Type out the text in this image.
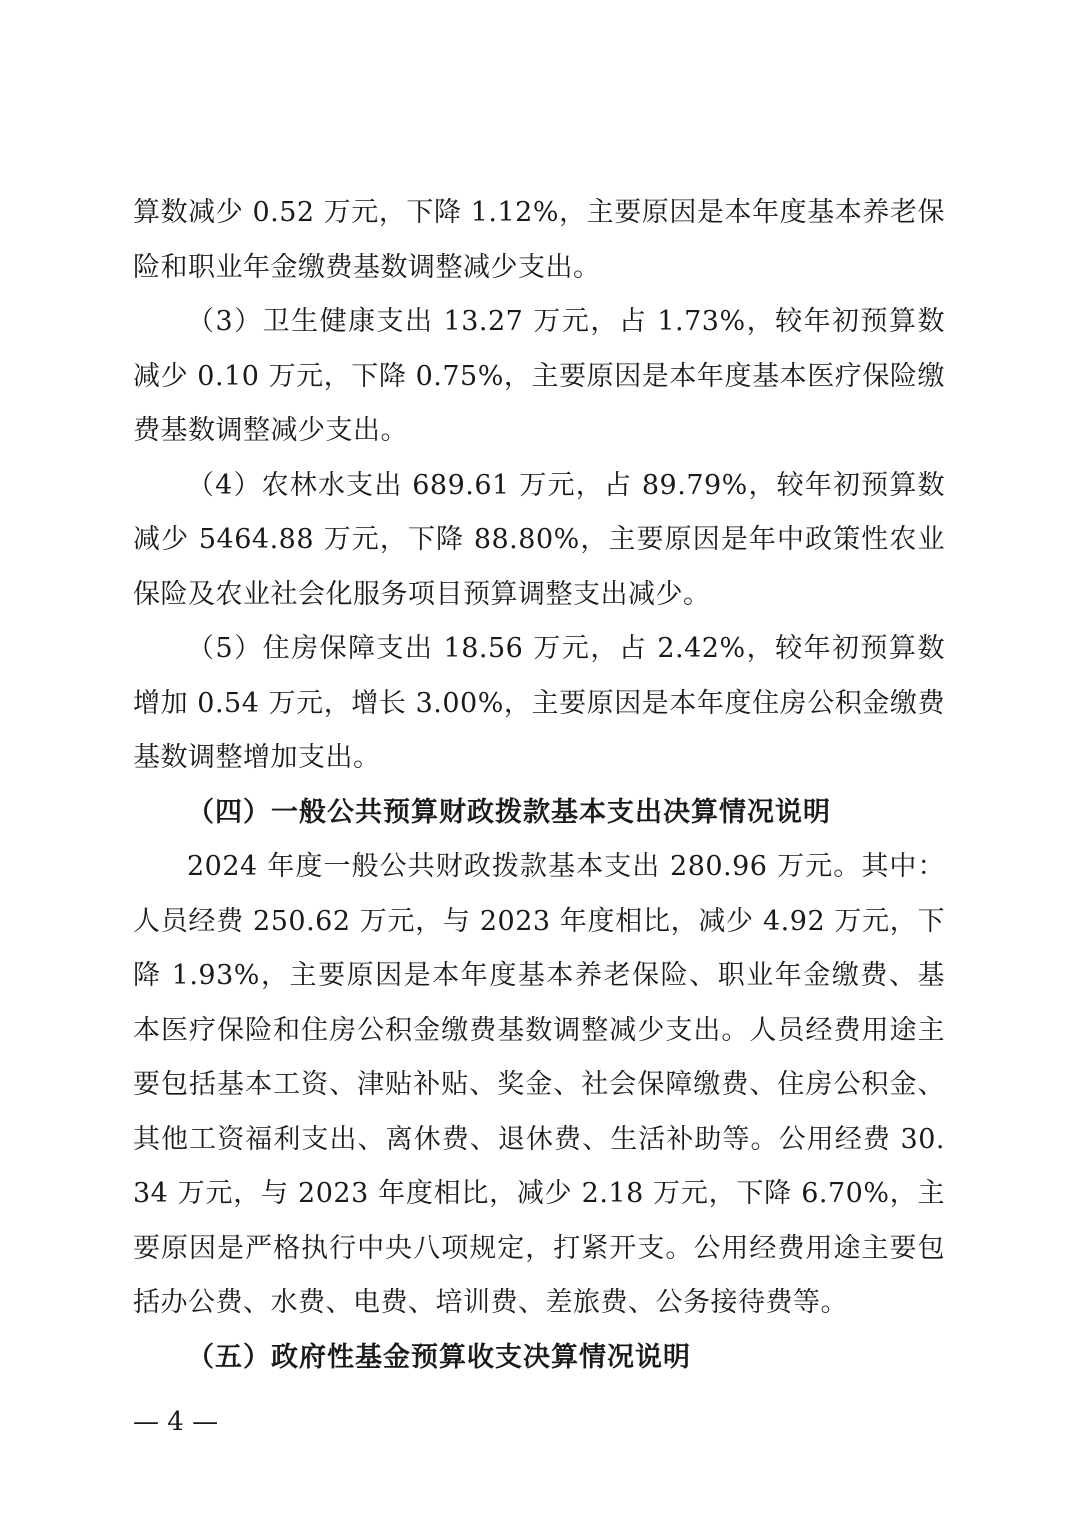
算数减少 0.52 万元，下降 1.12%，主要原因是本年度基本养老保险和职业年金缴费基数调整减少支出。

（3）卫生健康支出 13.27 万元，占 1.73%，较年初预算数减少 0.10 万元，下降 0.75%，主要原因是本年度基本医疗保险缴费基数调整减少支出。

（4）农林水支出 689.61 万元，占 89.79%，较年初预算数减少 5464.88 万元，下降 88.80%，主要原因是年中政策性农业保险及农业社会化服务项目预算调整支出减少。

（5）住房保障支出 18.56 万元，占 2.42%，较年初预算数增加 0.54 万元，增长 3.00%，主要原因是本年度住房公积金缴费基数调整增加支出。

（四）一般公共预算财政拨款基本支出决算情况说明

2024 年度一般公共财政拨款基本支出 280.96 万元。其中：人员经费 250.62 万元，与 2023 年度相比，减少 4.92 万元，下降 1.93%，主要原因是本年度基本养老保险、职业年金缴费、基本医疗保险和住房公积金缴费基数调整减少支出。人员经费用途主要包括基本工资、津贴补贴、奖金、社会保障缴费、住房公积金、其他工资福利支出、离休费、退休费、生活补助等。公用经费 30.34 万元，与 2023 年度相比，减少 2.18 万元，下降 6.70%，主要原因是严格执行中央八项规定，打紧开支。公用经费用途主要包括办公费、水费、电费、培训费、差旅费、公务接待费等。

（五）政府性基金预算收支决算情况说明

— 4 —
